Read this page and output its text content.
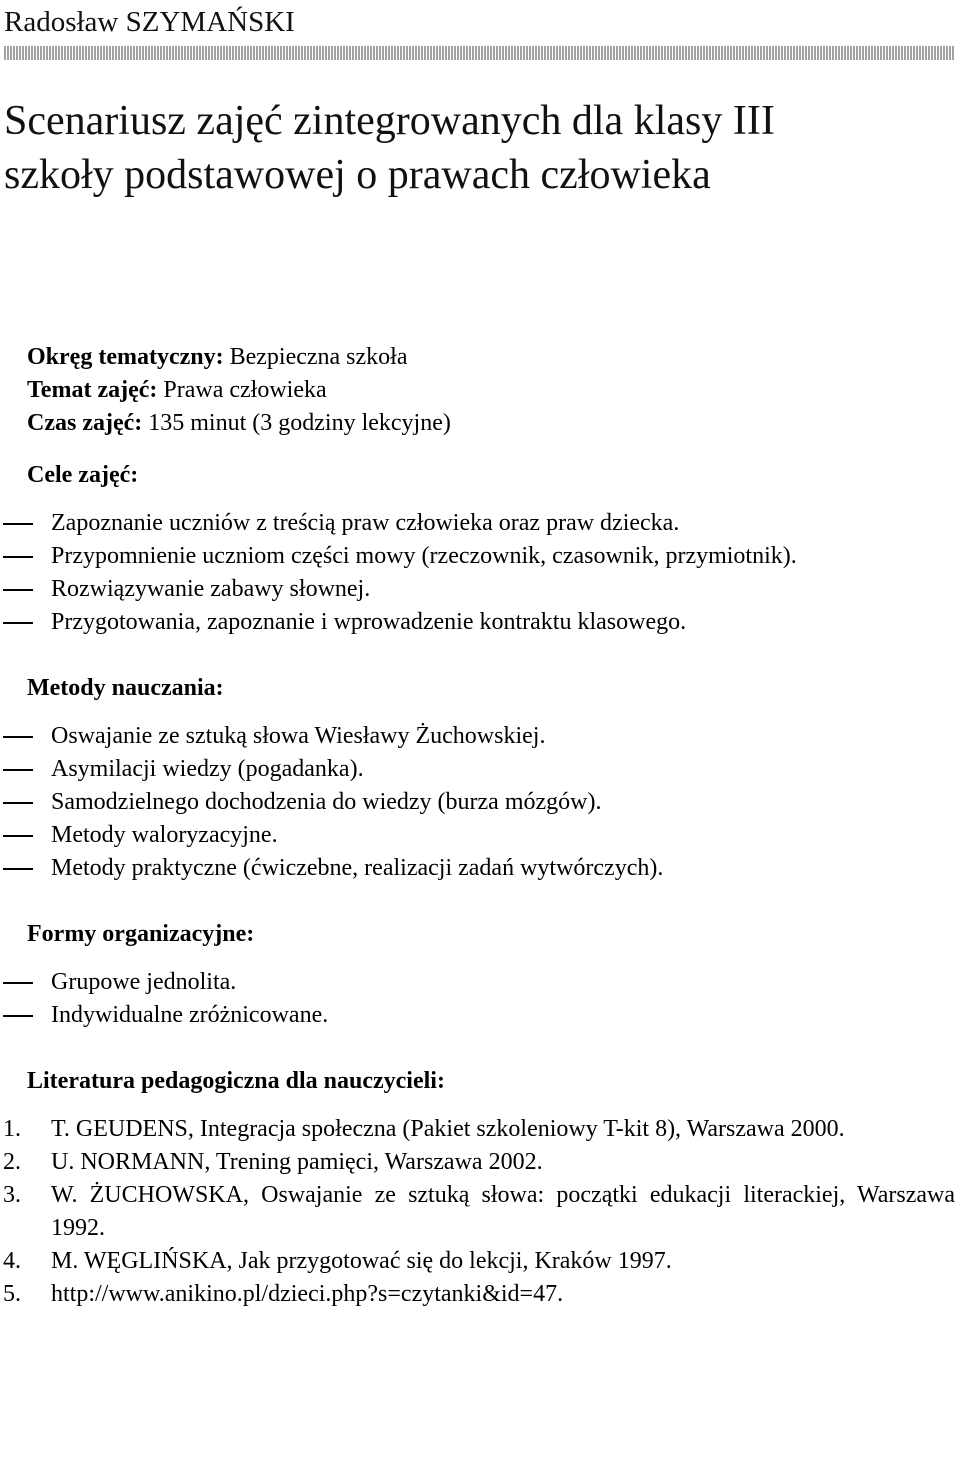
Radosław SZYMAŃSKI
Scenariusz zajęć zintegrowanych dla klasy III
szkoły podstawowej o prawach człowieka

Okręg tematyczny: Bezpieczna szkoła

Temat zajęć: Prawa człowieka

Czas zajęć: 135 minut (3 godziny lekcyjne)

Cele zajęć:

Zapoznanie uczniów z treścią praw człowieka oraz praw dziecka.
Przypomnienie uczniom części mowy (rzeczownik, czasownik, przymiotnik).
Rozwiązywanie zabawy słownej.
Przygotowania, zapoznanie i wprowadzenie kontraktu klasowego.

Metody nauczania:

Oswajanie ze sztuką słowa Wiesławy Żuchowskiej.
Asymilacji wiedzy (pogadanka).
Samodzielnego dochodzenia do wiedzy (burza mózgów).
Metody waloryzacyjne.
Metody praktyczne (ćwiczebne, realizacji zadań wytwórczych).

Formy organizacyjne:

Grupowe jednolita.
Indywidualne zróżnicowane.

Literatura pedagogiczna dla nauczycieli:

1. T. GEUDENS, Integracja społeczna (Pakiet szkoleniowy T-kit 8), Warszawa 2000.
2. U. NORMANN, Trening pamięci, Warszawa 2002.
3. W. ŻUCHOWSKA, Oswajanie ze sztuką słowa: początki edukacji literackiej, Warszawa 1992.
4. M. WĘGLIŃSKA, Jak przygotować się do lekcji, Kraków 1997.
5. http://www.anikino.pl/dzieci.php?s=czytanki&id=47.
